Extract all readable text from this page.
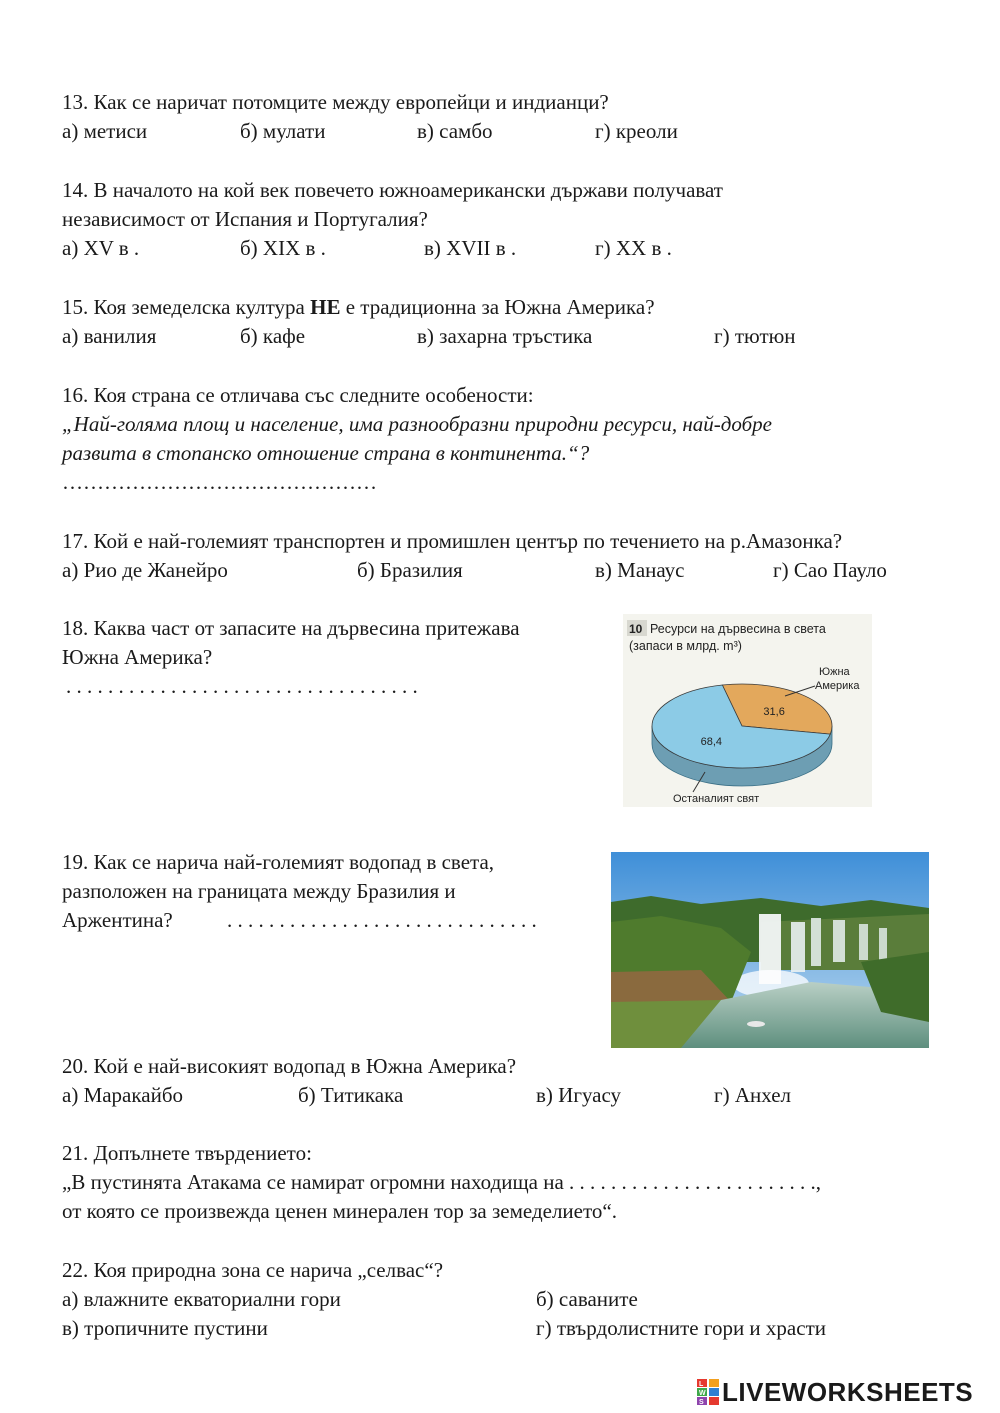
13. Как се наричат потомците между европейци и индианци?
а) метиси	б) мулати	в) самбо	г) креоли
14. В началото на кой век повечето южноамерикански държави получават
независимост от Испания и Португалия?
а) XV в .	б) XIX в .	в) XVII в .	г) XX в .
15. Коя земеделска култура НЕ е традиционна за Южна Америка?
а) ванилия	б) кафе	в) захарна тръстика	г) тютюн
16. Коя страна се отличава със следните особености:
„Най-голяма площ и население, има разнообразни природни ресурси, най-добре
развита в стопанско отношение страна в континента.“?
………………………………………
17. Кой е най-големият транспортен и промишлен център по течението на р.Амазонка?
а) Рио де Жанейро	б) Бразилия	в) Манаус	г) Сао Пауло
18. Каква част от запасите на дървесина притежава
Южна Америка?
. . . . . . . . . . . . . . . . . . . . . . . . . . . . . . . . . .
10 Ресурси на дървесина в света
(запаси в млрд. m³)
31,6
68,4
Южна
Америка
Останалият свят
19. Как се нарича най-големият водопад в света,
разположен на границата между Бразилия и
Аржентина?	. . . . . . . . . . . . . . . . . . . . . . . . . . . . . .
20. Кой е най-високият водопад в Южна Америка?
а) Маракайбо	б) Титикака	в) Игуасу	г) Анхел
21. Допълнете твърдението:
„В пустинята Атакама се намират огромни находища на . . . . . . . . . . . . . . . . . . . . . . . .,
от която се произвежда ценен минерален тор за земеделието“.
22. Коя природна зона се нарича „селвас“?
а) влажните екваториални гори	б) саваните
в) тропичните пустини	г) твърдолистните гори и храсти
L
W
S LIVEWORKSHEETS
